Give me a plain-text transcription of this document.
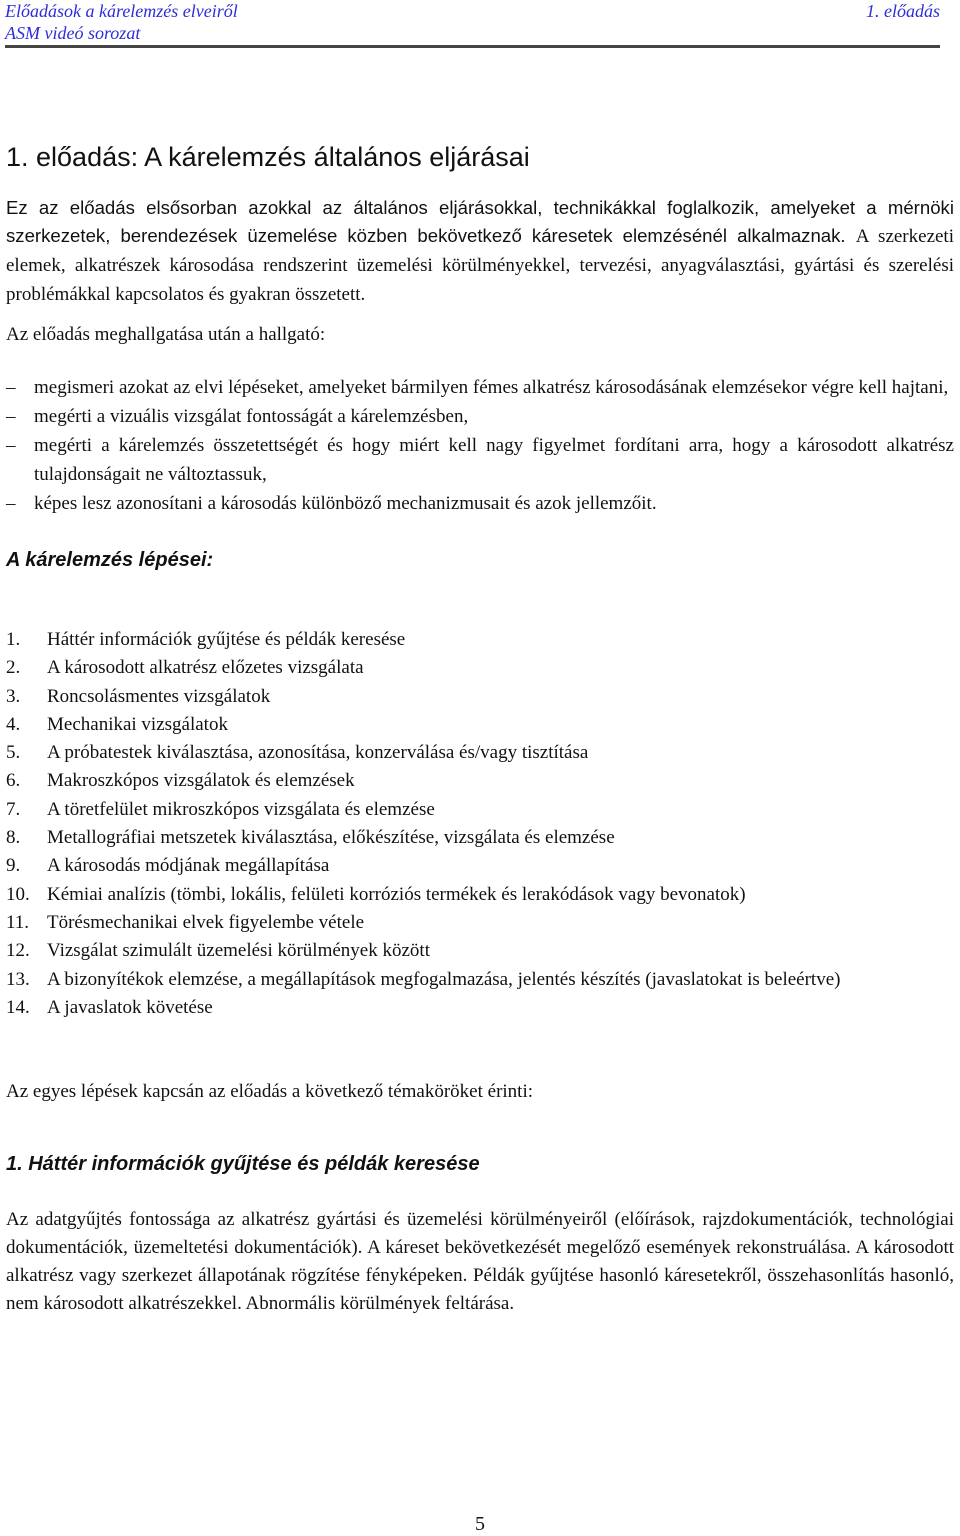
Előadások a kárelemzés elveiről
ASM videó sorozat
1. előadás
1. előadás: A kárelemzés általános eljárásai

Ez az előadás elsősorban azokkal az általános eljárásokkal, technikákkal foglalkozik, amelyeket a mérnöki szerkezetek, berendezések üzemelése közben bekövetkező káresetek elemzésénél alkalmaznak. A szerkezeti elemek, alkatrészek károsodása rendszerint üzemelési körülményekkel, tervezési, anyagválasztási, gyártási és szerelési problémákkal kapcsolatos és gyakran összetett.

Az előadás meghallgatása után a hallgató:

– megismeri azokat az elvi lépéseket, amelyeket bármilyen fémes alkatrész károsodásának elemzésekor végre kell hajtani,
– megérti a vizuális vizsgálat fontosságát a kárelemzésben,
– megérti a kárelemzés összetettségét és hogy miért kell nagy figyelmet fordítani arra, hogy a károsodott alkatrész tulajdonságait ne változtassuk,
– képes lesz azonosítani a károsodás különböző mechanizmusait és azok jellemzőit.

A kárelemzés lépései:

1. Háttér információk gyűjtése és példák keresése
2. A károsodott alkatrész előzetes vizsgálata
3. Roncsolásmentes vizsgálatok
4. Mechanikai vizsgálatok
5. A próbatestek kiválasztása, azonosítása, konzerválása és/vagy tisztítása
6. Makroszkópos vizsgálatok és elemzések
7. A töretfelület mikroszkópos vizsgálata és elemzése
8. Metallográfiai metszetek kiválasztása, előkészítése, vizsgálata és elemzése
9. A károsodás módjának megállapítása
10. Kémiai analízis (tömbi, lokális, felületi korróziós termékek és lerakódások vagy bevonatok)
11. Törésmechanikai elvek figyelembe vétele
12. Vizsgálat szimulált üzemelési körülmények között
13. A bizonyítékok elemzése, a megállapítások megfogalmazása, jelentés készítés (javaslatokat is beleértve)
14. A javaslatok követése

Az egyes lépések kapcsán az előadás a következő témaköröket érinti:

1. Háttér információk gyűjtése és példák keresése

Az adatgyűjtés fontossága az alkatrész gyártási és üzemelési körülményeiről (előírások, rajzdokumentációk, technológiai dokumentációk, üzemeltetési dokumentációk). A káreset bekövetkezését megelőző események rekonstruálása. A károsodott alkatrész vagy szerkezet állapotának rögzítése fényképeken. Példák gyűjtése hasonló káresetekről, összehasonlítás hasonló, nem károsodott alkatrészekkel. Abnormális körülmények feltárása.

5
